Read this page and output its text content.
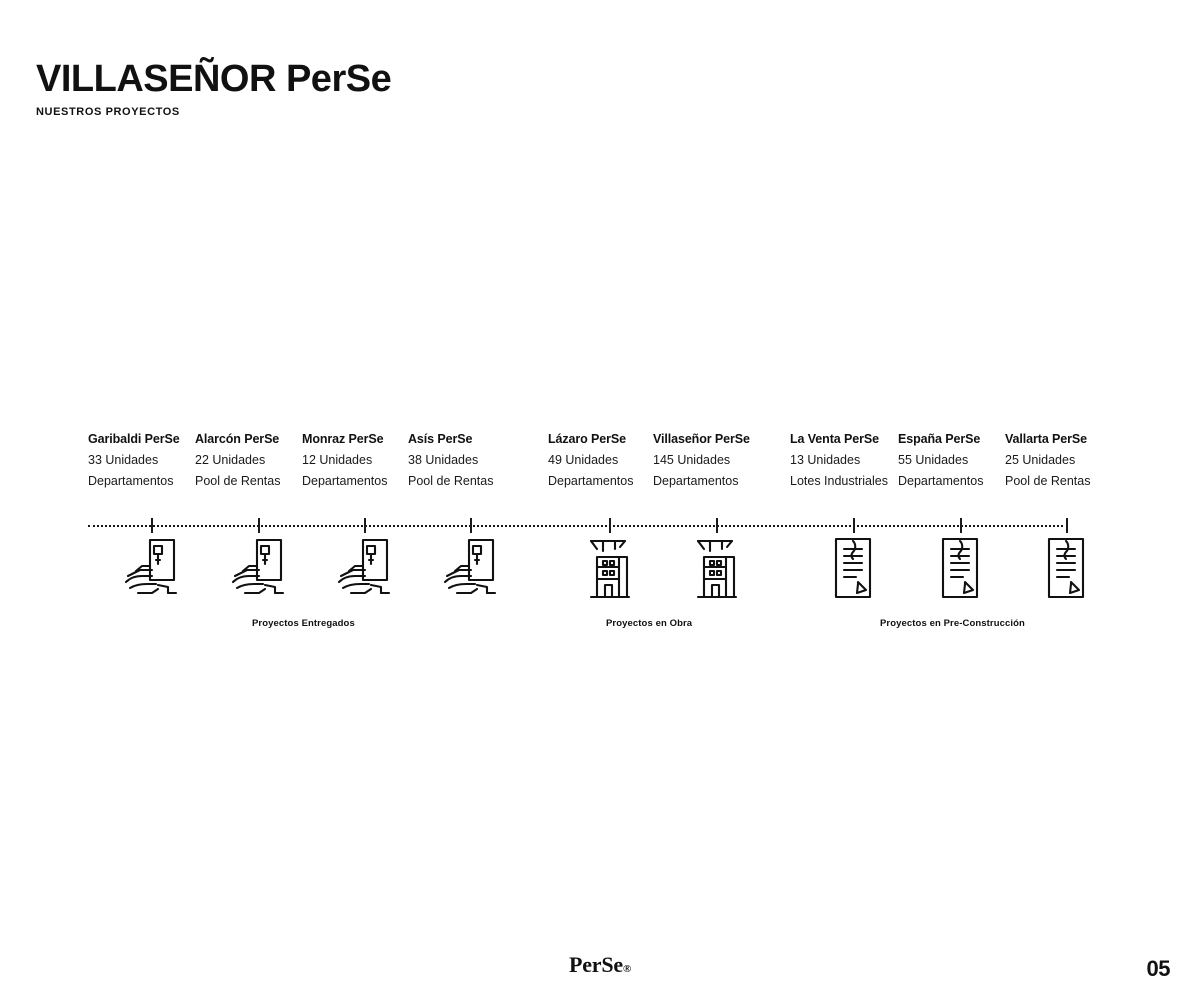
VILLASEÑOR PerSe
NUESTROS PROYECTOS
Garibaldi PerSe
33 Unidades
Departamentos
Alarcón PerSe
22 Unidades
Pool de Rentas
Monraz PerSe
12 Unidades
Departamentos
Asís PerSe
38 Unidades
Pool de Rentas
Lázaro PerSe
49 Unidades
Departamentos
Villaseñor PerSe
145 Unidades
Departamentos
La Venta PerSe
13 Unidades
Lotes Industriales
España PerSe
55 Unidades
Departamentos
Vallarta PerSe
25 Unidades
Pool de Rentas
Proyectos Entregados	Proyectos en Obra	Proyectos en Pre-Construcción
PerSe®	05
